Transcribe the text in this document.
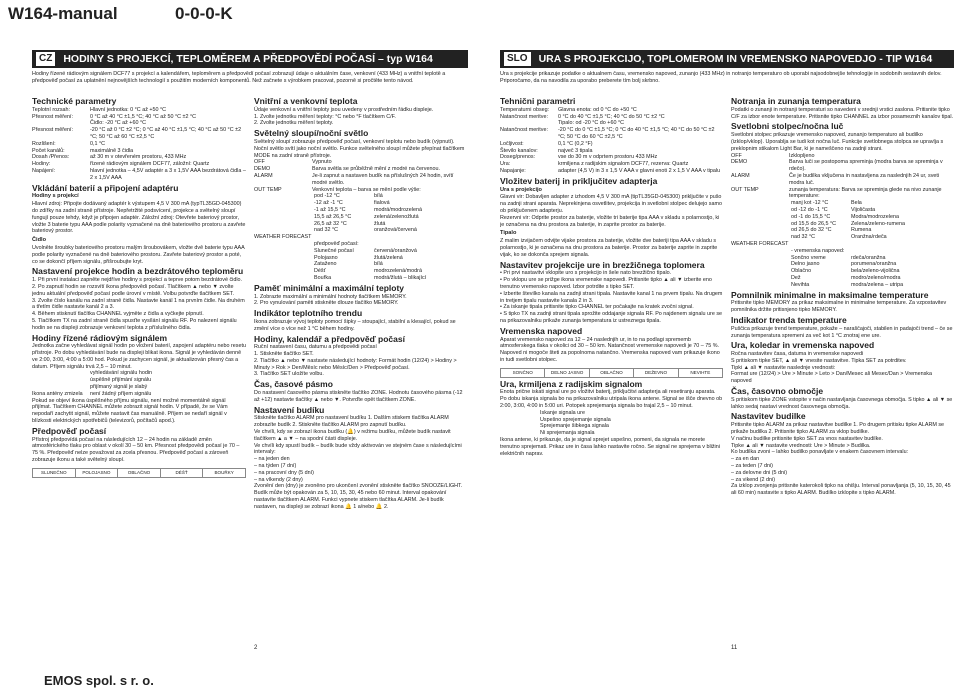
W164-manual	0-0-0-K
CZ HODINY S PROJEKCÍ, TEPLOMĚREM A PŘEDPOVĚDÍ POČASÍ – typ W164
Hodiny řízené rádiovým signálem DCF77 s projekcí a kalendářem, teploměrem a předpovědí počasí zobrazují údaje o aktuálním čase, venkovní (433 MHz) a vnitřní teplotě a předpověď počasí za uplatnění nejnovějších technologií s použitím moderních komponentů. Než začnete s výrobkem pracovat, pozorně si pročtěte tento návod.
Technické parametry
Teplotní rozsah:	Hlavní jednotka: 0 °C až +50 °C
Přesnost měření:	0 °C až 40 °C ±1,5 °C; 40 °C až 50 °C ±2 °C
Čidlo: -20 °C až +60 °C
Přesnost měření:	-20 °C až 0 °C ±2 °C; 0 °C až 40 °C ±1,5 °C; 40 °C až 50 °C ±2 °C; 50 °C až 60 °C ±2,5 °C
Rozlišení:	0,1 °C
Počet kanálů:	maximálně 3 čidla
Dosah /Přenos:	až 30 m v otevřeném prostoru, 433 MHz
Hodiny:	řízené rádiovým signálem DCF77, záložní: Quartz
Napájení:	hlavní jednotka – 4,5V adaptér a 3 x 1,5V AAA bezdrátová čidla – 2 x 1,5V AAA
Vkládání baterií a připojení adaptéru
Hodiny s projekcí

Hlavní zdroj: Připojte dodávaný adaptér k výstupem 4,5 V 300 mA (typTL35GD-045300) do zdířky na zadní straně přístroje. Nepřetržité podsvícení, projekce a světelný sloupí fungují pouze tehdy, když je připojen adaptér. Záložní zdroj: Otevřete bateriový prostor, vložte 3 baterie typu AAA podle polarity vyznačené na dně bateriového prostoru a zavřete bateriový prostor.

Čidlo

Uvolněte šroubky bateriového prostoru malým šroubovákem, vložte dvě baterie typu AAA podle polarity vyznačené na dně bateriového prostoru. Zavřete bateriový prostor a poté, co se dokončí příjem signálu, přišroubujte kryt.

Nastavení projekce hodin a bezdrátového teploměru
1. Při první instalaci zapněte nejdříve hodiny s projekcí a teprve potom bezdrátové čidlo.
2. Po zapnutí hodin se rozsvítí ikona předpovědi počasí. Tlačítkem ▲ nebo ▼ zvolte jednu aktuální předpověď počasí podle úrovní v místě. Volbu potvrďte tlačítkem SET.
3. Zvolte číslo kanálu na zadní straně čidla. Nastavte kanál 1 na prvním čidle. Na druhém a třetím čidle nastavte kanál 2 a 3.
4. Během stisknutí tlačítka CHANNEL vyjměte z čidla a vyčkejte pípnutí.
5. Tlačítkem TX na zadní straně čidla spusťte vysílání signálu RF. Po nalezení signálu hodin se na displeji zobrazuje venkovní teplota z příslušného čidla.
Hodiny řízené rádiovým signálem

Jednotka začne vyhledávat signál hodin po vložení baterií, zapojení adaptéru nebo resetu přístroje. Po dobu vyhledávání bude na displeji blikat ikona. Signál je vyhledáván denně ve 2:00, 3:00, 4:00 a 5:00 hod. Pokud je zachycen signál, je aktualizován přesný čas a datum. Příjem signálu trvá 2,5 – 10 minut.

vyhledávání signálu hodin
úspěšně přijímání signálu
přijímaný signál je slabý
Ikona antény zmizela	není žádný příjem signálu

Pokud se objeví ikona úspěšného příjmu signálu, není možné momentálně signál přijímat. Tlačítkem CHANNEL můžete zobrazit signál hodin. V případě, že se Vám nepodaří zachytit signál, můžete nastavit čas manuálně. Příjem se nedaří signál v blízkosti elektrických spotřebičů (televizorů, počítačů apod.).

Předpověď počasí

Přístroj předpovídá počasí na následujících 12 – 24 hodin na základě změn atmosférického tlaku pro oblast v okolí 30 – 50 km. Přesnost předpovědi počasí je 70 – 75 %. Předpověď nelze považovat za zcela přesnou. Předpověď počasí a zároveň zobrazuje ikonu a také světelný sloupí.

SLUNEČNO	POLOJASNO	OBLAČNO	DÉŠŤ	BOUŘKY
Vnitřní a venkovní teplota

Údaje venkovní a vnitřní teploty jsou uvedeny v prostředním řádku displeje.
1. Zvolte jednotku měření teploty: °C nebo °F tlačítkem C/F.
2. Zvolte jednotku měření teploty.

Světelný sloupí/noční světlo

Světelný sloupí zobrazuje předpověď počasí, venkovní teplotu nebo budík (výpnutí). Noční světlo svítí jako noční světlo. Funkce světelného sloupí můžete přepínat tlačítkem MODE na zadní straně přístroje.

OFF	Vypnuto
DEMO	Barva světla se průběžně mění z modré na červenou.
ALARM	Je-li zapnut a nastaven budík na příslušných 24 hodin, svítí modré světlo.
OUT TEMP	Venkovní teplota – barva se mění podle výše:
pod -12 °C	bílá
-12 až -1 °C	fialová
-1 až 15,5 °C	modrá/modrozelená
15,5 až 26,5 °C	zelená/zelenožlutá
26,5 až 32 °C	žlutá
nad 32 °C	oranžová/červená
WEATHER FORECAST
předpověď počasí:
Slunečné počasí	červená/oranžová
Polojasno	žlutá/zelená
Zataženo	bílá
Déšť	modrozelená/modrá
Bouřka	modrá/žlutá – blikající
Paměť minimální a maximální teploty

1. Zobrazte maximální a minimální hodnoty tlačítkem MEMORY.
2. Pro vynulování paměti stiskněte dlouze tlačítko MEMORY.

Indikátor teplotního trendu

Ikona zobrazuje vývoj teploty pomocí šipky – stoupající, stabilní a klesající, pokud se změní více o více než 1 °C během hodiny.

Hodiny, kalendář a předpověď počasí

Ruční nastavení času, datumu a předpovědi počasí
1. Stiskněte tlačítko SET.
2. Tlačítko ▲ nebo ▼ nastavte následující hodnoty: Formát hodin (12/24) > Hodiny > Minuty > Rok > Den/Měsíc nebo Měsíc/Den > Předpověď počasí.
3. Tlačítko SET uložíte volbu.

Čas, časové pásmo

Do nastavení časového pásma stiskněte tlačítko ZONE. Hodnotu časového pásma (-12 až +12) nastavte tlačítky ▲ nebo ▼. Potvrďte opět tlačítkem ZONE.

Nastavení budíku

Stiskněte tlačítko ALARM pro nastavení budíku 1. Dalším stiskem tlačítka ALARM zobrazíte budík 2. Stiskněte tlačítko ALARM pro zapnutí budíku.
Ve chvíli, kdy se zobrazí ikona budíku (🔔) v režimu budíku, můžete budík nastavit tlačítkem ▲ a ▼ – na spodní části displeje.
Ve chvíli kdy spustí budík – budík bude vždy aktivován ve stejném čase s následujícími intervaly:
– na jeden den
– na týden (7 dní)
– na pracovní dny (5 dní)
– na víkendy (2 dny)

Zvonění den (dny) je zvoněno pro ukončení zvonění stiskněte tlačítko SNOOZE/LIGHT. Budík může být opakován za 5, 10, 15, 30, 45 nebo 60 minut. Interval opakování nastavíte tlačítkem ALARM. Funkci vypnete stiskem tlačítka ALARM. Je-li budík nastaven, na displeji se zobrazí ikona 🔔 1 a/nebo 🔔 2.

2
SLO URA S PROJEKCIJO, TOPLOMEROM IN VREMENSKO NAPOVEDJO - TIP W164
Ura s projekcije prikazuje podatke o aktualnem času, vremensko napoved, zunanjo (433 MHz) in notranjo temperaturo ob uporabi najsodobnejše tehnologije in sodobnih sestavnih delov. Priporočamo, da na navodila za uporabo preberete tím bolj skrbno.
Tehnični parametri
Temperaturni obseg:	Glavna enota: od 0 °C do +50 °C
Natančnost meritve:	0 °C do 40 °C ±1,5 °C; 40 °C do 50 °C ±2 °C
Tipalo: od -20 °C do +60 °C
Natančnost meritve:	-20 °C do 0 °C ±1,5 °C; 0 °C do 40 °C ±1,5 °C; 40 °C do 50 °C ±2 °C; 50 °C do 60 °C ±2,5 °C
Ločljivost:	0,1 °C (0,2 °F)
Število kanalov:	največ 3 tipala
Doseg/prenos:	vse do 30 m v odprtem prostoru 433 MHz
Ura:	krmiljena z radijskim signalom DCF77, rezerva: Quartz
Napajanje:	adapter (4,5 V) in 3 x 1,5 V AAA v glavni enoti 2 x 1,5 V AAA v tipalu
Vložitev baterij in priključitev adapterja
Ura s projekcijo

Glavni vir: Dobavljen adapter z izhodom 4,5 V 300 mA (tipTL35GD-045300) priključite v pušo na zadnji strani aparata. Neprekinjena osvetlitev, projekcija in svetlobni stolpec delujejo samo ob priključenem adapterju.
Rezervni vir: Odprite prostor za baterije, vložite tri baterije tipa AAA v skladu s polarnostjo, ki je označena na dnu prostora za baterije, in zaprite prostor za baterije.

Tipalo

Z malim izvijačem odvijte vijake prostora za baterije, vložite dve bateriji tipa AAA v skladu s polarnostjo, ki je označena na dnu prostora za baterije. Prostor za baterije zaprite in zaprite vijak, ko se dokonča sprejem signala.

Nastavitev projekcije ure in brezžičnega toplomera
• Pri prvi nastavitvi vklopite uro s projekcijo in šele nato brezžično tipalo.
• Po vklopu ure se prižge ikona vremenske napovedi. Pritisnite tipko ▲ ali ▼ izberite eno trenutno vremensko napoved. Izbor potrdite s tipko SET.
• Izberite številko kanala na zadnji strani tipala. Nastavite kanal 1 na prvem tipalu. Na drugem in tretjem tipalu nastavite kanala 2 in 3.
• Za iskanje tipala pritisnite tipko CHANNEL ter počakajte na kratek zvočni signal.
• S tipko TX na zadnji strani tipala sprožite oddajanje signala RF. Po najdenem signalu ure se na prikazovalniku prikaže zunanja temperatura iz ustreznega tipala.
Vremenska napoved

Aparat vremensko napoved za 12 – 24 naslednjih ur, in to na podlagi sprememb atmosferskega tlaka v okolici od 30 – 50 km. Natančnost vremenske napovedi je 70 – 75 %. Napoved ni mogoče šteti za popolnoma natančno. Vremenska napoved vam prikazuje ikono in tudi svetlobni stolpec.

SONČNO	DELNO JASNO	OBLAČNO	DEŽEVNO	NEVIHTE
Ura, krmiljena z radijskim signalom

Enota prične iskati signal ure po vložitvi baterij, priključitvi adapterja ali resetiranju aparata. Po dobu iskanja signala bo na prikazovalniku utripala ikona antene. Signal se išče dnevno ob 2:00, 3:00, 4:00 in 5:00 uri. Potopek sprejemanja signala bo trajal 2,5 – 10 minut.

Iskanje signala ure
Uspešno sprejemanje signala
Sprejemanje šibkega signala
Ni sprejemanja signala

Ikona antene, ki prikazuje, da je signal sprejet uspešno, pomeni, da signala ne morete trenutno sprejemati. Prikaz ure in časa lahko nastavite ročno. Se signal ne sprejema v bližini električnih naprav.

Notranja in zunanja temperatura

Podatki o zunanji in notranji temperaturi so navedeni v srednji vrstici zaslona. Pritisnite tipko C/F za izbor enote temperature. Pritisnite tipko CHANNEL za izbor posameznih kanalov tipal.

Svetlobni stolpec/nočna luč

Svetlobni stolpec prikazuje vremensko napoved, zunanjo temperaturo ali budilko (izklop/vklop). Uporablja se tudi kot nočna luč. Funkcije svetlobnega stolpca se upravlja s preklopnim stikalom Light Bar, ki je nameščeno na zadnji strani.

OFF	Izklopljeno
DEMO	Barva luči se postopoma spreminja (modra barva se spreminja v rdečo).
ALARM	Če je budilka vključena in nastavljena za naslednjih 24 ur, sveti modra luč.
OUT TEMP	zunanja temperatura: Barva se spreminja glede na nivo zunanje temperature:
manj kot -12 °C	Bela
od -12 do -1 °C	Vijoličasta
od -1 do 15,5 °C	Modra/modrozelena
od 15,5 do 26,5 °C	Zelena/zeleno-rumena
od 26,5 do 32 °C	Rumena
nad 32 °C	Oranžna/rdeča
WEATHER FORECAST
- vremenska napoved:
Sončno vreme	rdeča/oranžna
Delno jasno	porumena/oranžna
Oblačno	bela/zeleno-vijolična
Dež	modro/zeleno/modra
Nevihta	modra/zelena – utripa
Pomnilnik minimalne in maksimalne temperature

Pritisnite tipko MEMORY za prikaz maksimalne in minimalne temperature. Za vzpostavitev pomnilnika držite pritisnjeno tipko MEMORY.

Indikator trenda temperature

Puščica prikazuje trend temperature, pokaže – naraščajoči, stabilen in padajoči trend – če se zunanja temperatura spremeni za več kot 1 °C znotraj ene ure.

Ura, koledar in vremenska napoved

Ročna nastavitev časa, datuma in vremenske napovedi
S pritiskom tipke SET, ▲ ali ▼ vnesite nastavitve. Tipka SET za potrditev.
Tipki ▲ ali ▼ nastavite naslednje vrednosti:
Format ure (12/24) > Ure > Minute > Leto > Dan/Mesec ali Mesec/Dan > Vremenska napoved

Čas, časovno območje

S pritiskom tipke ZONE vstopite v način nastavljanja časovnega območja. S tipko ▲ ali ▼ se lahko sedaj nastavi vrednost časovnega območja.

Nastavitev budilke

Pritisnite tipko ALARM za prikaz nastavitve budilke 1. Po drugem pritisku tipke ALARM se prikaže budilka 2. Pritisnite tipko ALARM za vklop budilke.
V načinu budilke pritisnite tipko SET za vnos nastavitev budilke.
Tipke ▲ ali ▼ nastavite vrednosti: Ure > Minute > Budilka.
Ko budilka zvoni – lahko budilko ponavljate v enakem časovnem intervalu:
– za en dan
– za teden (7 dni)
– za delovne dni (5 dni)
– za vikend (2 dni)

Za izklop zvonjenja pritisnite katerokoli tipko na ohišju. Interval ponavljanja (5, 10, 15, 30, 45 ali 60 min) nastavite s tipko ALARM. Budilko izklopite s tipko ALARM.

11
EMOS spol. s r. o.
